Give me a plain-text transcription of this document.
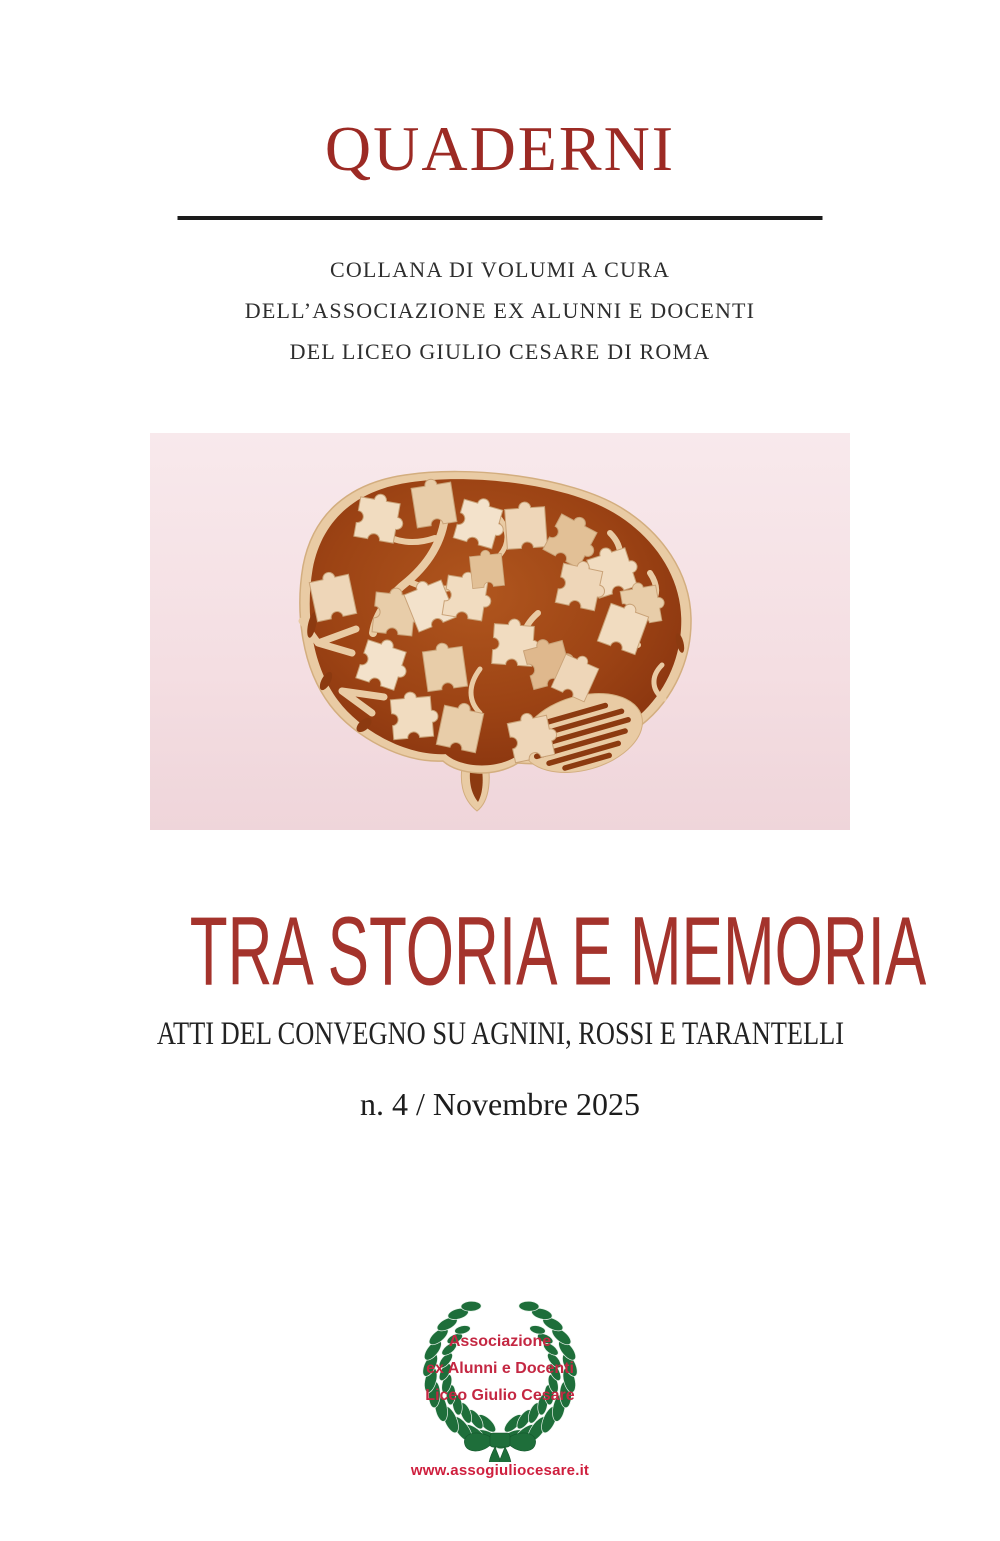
QUADERNI
COLLANA DI VOLUMI A CURA
DELL’ASSOCIAZIONE EX ALUNNI E DOCENTI
DEL LICEO GIULIO CESARE DI ROMA
TRA STORIA E MEMORIA
ATTI DEL CONVEGNO SU AGNINI, ROSSI E TARANTELLI
n. 4 / Novembre 2025
Associazione
ex Alunni e Docenti
Liceo Giulio Cesare
www.assogiuliocesare.it
